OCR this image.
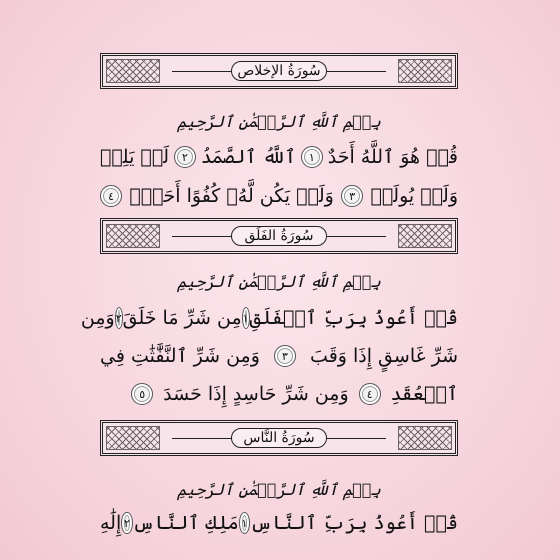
سُورَةُ الإخلاص
بِسۡمِ ٱللَّهِ ٱلرَّحۡمَٰنِ ٱلرَّحِيمِ
قُلۡ هُوَ ٱللَّهُ أَحَدٌ
١
ٱللَّهُ ٱلصَّمَدُ
٢
لَمۡ يَلِدۡ
وَلَمۡ يُولَدۡ
٣
وَلَمۡ يَكُن لَّهُۥ كُفُوًا أَحَدُۢ
٤
سُورَةُ الفَلَق
بِسۡمِ ٱللَّهِ ٱلرَّحۡمَٰنِ ٱلرَّحِيمِ
قُلۡ أَعُوذُ بِرَبِّ ٱلۡفَلَقِ
١
مِن شَرِّ مَا خَلَقَ
٢
وَمِن
شَرِّ غَاسِقٍ إِذَا وَقَبَ
٣
وَمِن شَرِّ ٱلنَّفَّٰثَٰتِ فِي
ٱلۡعُقَدِ
٤
وَمِن شَرِّ حَاسِدٍ إِذَا حَسَدَ
٥
سُورَةُ النَّاس
بِسۡمِ ٱللَّهِ ٱلرَّحۡمَٰنِ ٱلرَّحِيمِ
قُلۡ أَعُوذُ بِرَبِّ ٱلنَّاسِ
١
مَلِكِ ٱلنَّاسِ
٢
إِلَٰهِ
